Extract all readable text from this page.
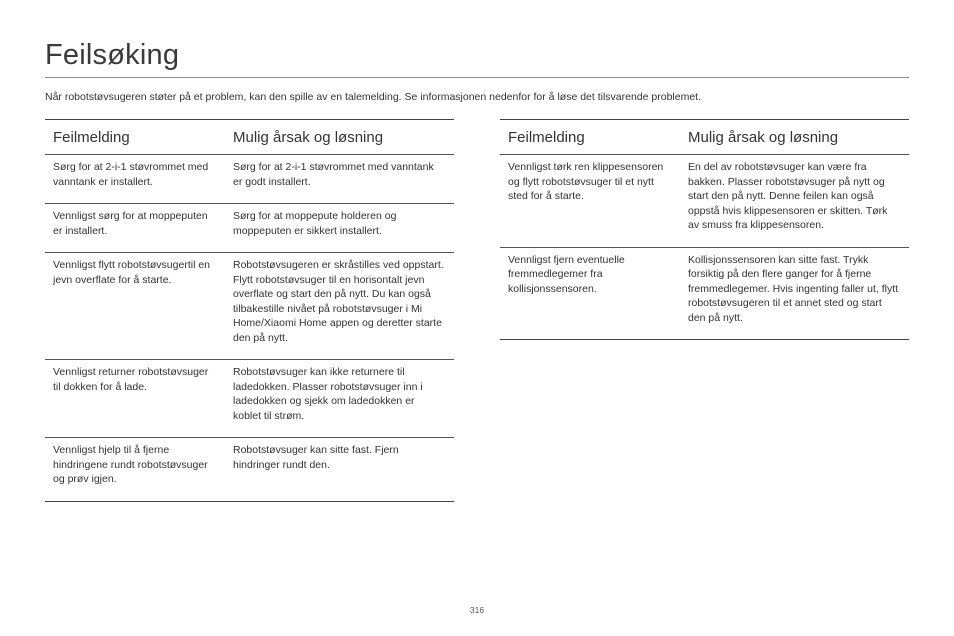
Feilsøking
Når robotstøvsugeren støter på et problem, kan den spille av en talemelding. Se informasjonen nedenfor for å løse det tilsvarende problemet.
Feilmelding	Mulig årsak og løsning
Sørg for at 2-i-1 støvrommet med vanntank er installert.	Sørg for at 2-i-1 støvrommet med vanntank er godt installert.
Vennligst sørg for at moppeputen er installert.	Sørg for at moppepute holderen og moppeputen er sikkert installert.
Vennligst flytt robotstøvsugertil en jevn overflate for å starte.	Robotstøvsugeren er skråstilles ved oppstart. Flytt robotstøvsuger til en horisontalt jevn overflate og start den på nytt. Du kan også tilbakestille nivået på robotstøvsuger i Mi Home/Xiaomi Home appen og deretter starte den på nytt.
Vennligst returner robotstøvsuger til dokken for å lade.	Robotstøvsuger kan ikke returnere til ladedokken. Plasser robotstøvsuger inn i ladedokken og sjekk om ladedokken er koblet til strøm.
Vennligst hjelp til å fjerne hindringene rundt robotstøvsuger og prøv igjen.	Robotstøvsuger kan sitte fast. Fjern hindringer rundt den.
Feilmelding	Mulig årsak og løsning
Vennligst tørk ren klippesensoren og flytt robotstøvsuger til et nytt sted for å starte.	En del av robotstøvsuger kan være fra bakken. Plasser robotstøvsuger på nytt og start den på nytt. Denne feilen kan også oppstå hvis klippesensoren er skitten. Tørk av smuss fra klippesensoren.
Vennligst fjern eventuelle fremmedlegemer fra kollisjonssensoren.	Kollisjonssensoren kan sitte fast. Trykk forsiktig på den flere ganger for å fjerne fremmedlegemer. Hvis ingenting faller ut, flytt robotstøvsugeren til et annet sted og start den på nytt.
316
